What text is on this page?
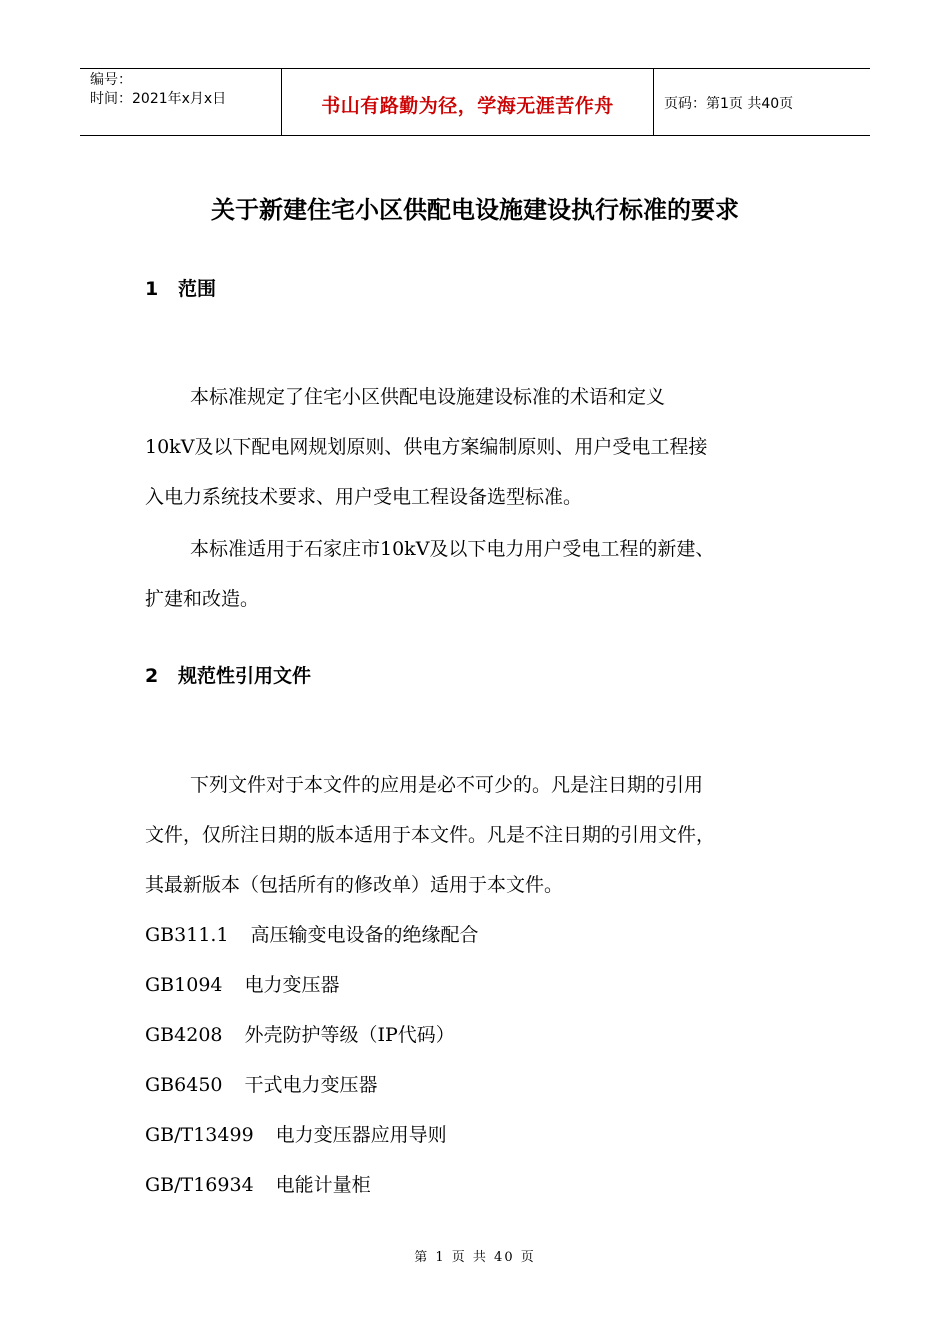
编号：
时间：2021年x月x日	书山有路勤为径，学海无涯苦作舟	页码：第1页 共40页
关于新建住宅小区供配电设施建设执行标准的要求
1 范围
本标准规定了住宅小区供配电设施建设标准的术语和定义
10kV及以下配电网规划原则、供电方案编制原则、用户受电工程接
入电力系统技术要求、用户受电工程设备选型标准。
本标准适用于石家庄市10kV及以下电力用户受电工程的新建、
扩建和改造。
2 规范性引用文件
下列文件对于本文件的应用是必不可少的。凡是注日期的引用
文件，仅所注日期的版本适用于本文件。凡是不注日期的引用文件，
其最新版本（包括所有的修改单）适用于本文件。
GB311.1 高压输变电设备的绝缘配合
GB1094 电力变压器
GB4208 外壳防护等级（IP代码）
GB6450 干式电力变压器
GB/T13499 电力变压器应用导则
GB/T16934 电能计量柜
第 1 页 共 40 页
